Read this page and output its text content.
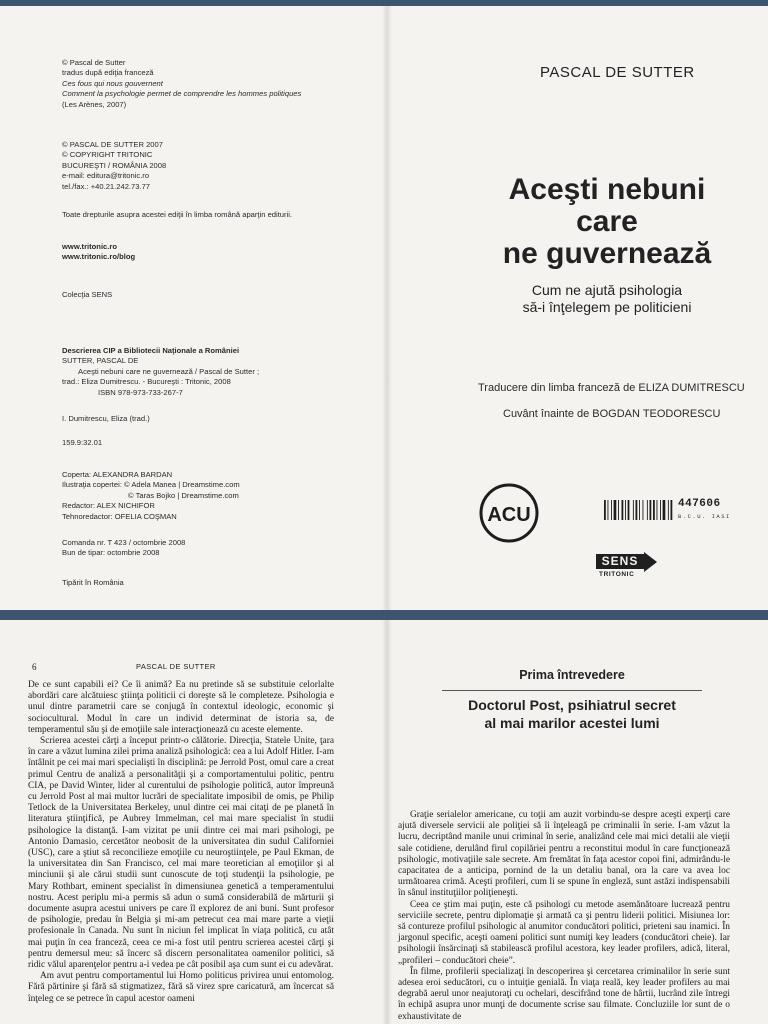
© Pascal de Sutter
tradus după ediţia franceză
Ces fous qui nous gouvernent
Comment la psychologie permet de comprendre les hommes politiques
(Les Arènes, 2007)
© PASCAL DE SUTTER 2007
© COPYRIGHT TRITONIC
BUCUREŞTI / ROMÂNIA 2008
e-mail: editura@tritonic.ro
tel./fax.: +40.21.242.73.77
Toate drepturile asupra acestei ediţii în limba română aparţin editurii.
www.tritonic.ro
www.tritonic.ro/blog
Colecţia SENS
Descrierea CIP a Bibliotecii Naţionale a României
SUTTER, PASCAL DE
Aceşti nebuni care ne guvernează / Pascal de Sutter ;
trad.: Eliza Dumitrescu. - Bucureşti : Tritonic, 2008
ISBN 978-973-733-267-7
I. Dumitrescu, Eliza (trad.)
159.9:32.01
Coperta: ALEXANDRA BARDAN
Ilustraţia copertei: © Adela Manea | Dreamstime.com
© Taras Bojko | Dreamstime.com
Redactor: ALEX NICHIFOR
Tehnoredactor: OFELIA COŞMAN
Comanda nr. T 423 / octombrie 2008
Bun de tipar: octombrie 2008
Tipărit în România
PASCAL DE SUTTER
Aceşti nebuni
care
ne guvernează
Cum ne ajută psihologia
să-i înţelegem pe politicieni
Traducere din limba franceză de ELIZA DUMITRESCU
Cuvânt înainte de BOGDAN TEODORESCU
ACU	447606
B.C.U. IASI
SENS
TRITONIC
6	PASCAL DE SUTTER

De ce sunt capabili ei? Ce îi animă? Ea nu pretinde să se substituie celorlalte abordări care alcătuiesc ştiinţa politicii ci doreşte să le completeze. Psihologia e unul dintre parametrii care se conjugă în contextul ideologic, economic şi sociocultural. Modul în care un individ determinat de istoria sa, de temperamentul său şi de emoţiile sale interacţionează cu aceste elemente.

Scrierea acestei cărţi a început printr-o călătorie. Direcţia, Statele Unite, ţara în care a văzut lumina zilei prima analiză psihologică: cea a lui Adolf Hitler. I-am întâlnit pe cei mai mari specialişti în disciplină: pe Jerrold Post, omul care a creat primul Centru de analiză a personalităţii şi a comportamentului politic, pentru CIA, pe David Winter, lider al curentului de psihologie politică, autor împreună cu Jerrold Post al mai multor lucrări de specialitate imposibil de omis, pe Philip Tetlock de la Universitatea Berkeley, unul dintre cei mai citaţi de pe planetă în literatura ştiinţifică, pe Aubrey Immelman, cel mai mare specialist în studii psihologice la distanţă. I-am vizitat pe unii dintre cei mai mari psihologi, pe Antonio Damasio, cercetător neobosit de la universitatea din sudul Californiei (USC), care a ştiut să reconcilieze emoţiile cu neuroştiinţele, pe Paul Ekman, de la universitatea din San Francisco, cel mai mare teoretician al emoţiilor şi al minciunii şi ale cărui studii sunt cunoscute de toţi studenţii la psihologie, pe Mary Rothbart, eminent specialist în dimensiunea genetică a temperamentului nostru. Acest periplu mi-a permis să adun o sumă considerabilă de mărturii şi documente asupra acestui univers pe care îl explorez de ani buni. Sunt profesor de psihologie, predau în Belgia şi mi-am petrecut cea mai mare parte a vieţii profesionale în Canada. Nu sunt în niciun fel implicat în viaţa politică, cu atât mai puţin în cea franceză, ceea ce mi-a fost util pentru scrierea acestei cărţi şi pentru demersul meu: să încerc să discern personalitatea oamenilor politici, să ridic vălul aparenţelor pentru a-i vedea pe cât posibil aşa cum sunt ei cu adevărat.

Am avut pentru comportamentul lui Homo politicus privirea unui entomolog. Fără părtinire şi fără să stigmatizez, fără să virez spre caricatură, am încercat să înţeleg ce se petrece în capul acestor oameni

Prima întrevedere
Doctorul Post, psihiatrul secret
al mai marilor acestei lumi

Graţie serialelor americane, cu toţii am auzit vorbindu-se despre aceşti experţi care ajută diversele servicii ale poliţiei să îi înţeleagă pe criminalii în serie. I-am văzut la lucru, decriptând manile unui criminal în serie, analizând cele mai mici detalii ale vieţii sale cotidiene, derulând firul copilăriei pentru a reconstitui modul în care funcţionează psihologic, motivaţiile sale secrete. Am fremătat în faţa acestor copoi fini, admirându-le capacitatea de a anticipa, pornind de la un detaliu banal, ora la care va avea loc următoarea crimă. Aceşti profileri, cum li se spune în engleză, sunt astăzi indispensabili în sânul instituţiilor poliţieneşti.

Ceea ce ştim mai puţin, este că psihologi cu metode asemănătoare lucrează pentru serviciile secrete, pentru diplomaţie şi armată ca şi pentru liderii politici. Misiunea lor: să contureze profilul psihologic al anumitor conducători politici, prieteni sau inamici. În jargonul specific, aceşti oameni politici sunt numiţi key leaders (conducători cheie). Iar psihologii însărcinaţi să stabilească profilul acestora, key leader profilers, adică, literal, „profileri – conducători cheie”.

În filme, profilerii specializaţi în descoperirea şi cercetarea criminalilor în serie sunt adesea eroi seducători, cu o intuiţie genială. În viaţa reală, key leader profilers au mai degrabă aerul unor neajutoraţi cu ochelari, descifrând tone de hârtii, lucrând zile întregi în echipă asupra unor munţi de documente scrise sau filmate. Concluziile lor sunt de o exhaustivitate de
